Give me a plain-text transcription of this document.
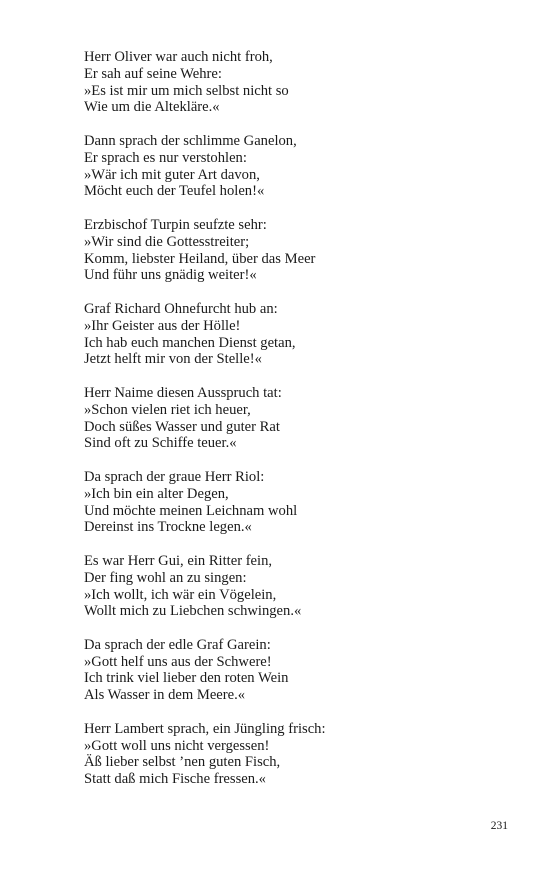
Herr Oliver war auch nicht froh,
Er sah auf seine Wehre:
»Es ist mir um mich selbst nicht so
Wie um die Altekläre.«
Dann sprach der schlimme Ganelon,
Er sprach es nur verstohlen:
»Wär ich mit guter Art davon,
Möcht euch der Teufel holen!«
Erzbischof Turpin seufzte sehr:
»Wir sind die Gottesstreiter;
Komm, liebster Heiland, über das Meer
Und führ uns gnädig weiter!«
Graf Richard Ohnefurcht hub an:
»Ihr Geister aus der Hölle!
Ich hab euch manchen Dienst getan,
Jetzt helft mir von der Stelle!«
Herr Naime diesen Ausspruch tat:
»Schon vielen riet ich heuer,
Doch süßes Wasser und guter Rat
Sind oft zu Schiffe teuer.«
Da sprach der graue Herr Riol:
»Ich bin ein alter Degen,
Und möchte meinen Leichnam wohl
Dereinst ins Trockne legen.«
Es war Herr Gui, ein Ritter fein,
Der fing wohl an zu singen:
»Ich wollt, ich wär ein Vögelein,
Wollt mich zu Liebchen schwingen.«
Da sprach der edle Graf Garein:
»Gott helf uns aus der Schwere!
Ich trink viel lieber den roten Wein
Als Wasser in dem Meere.«
Herr Lambert sprach, ein Jüngling frisch:
»Gott woll uns nicht vergessen!
Äß lieber selbst ’nen guten Fisch,
Statt daß mich Fische fressen.«
231
